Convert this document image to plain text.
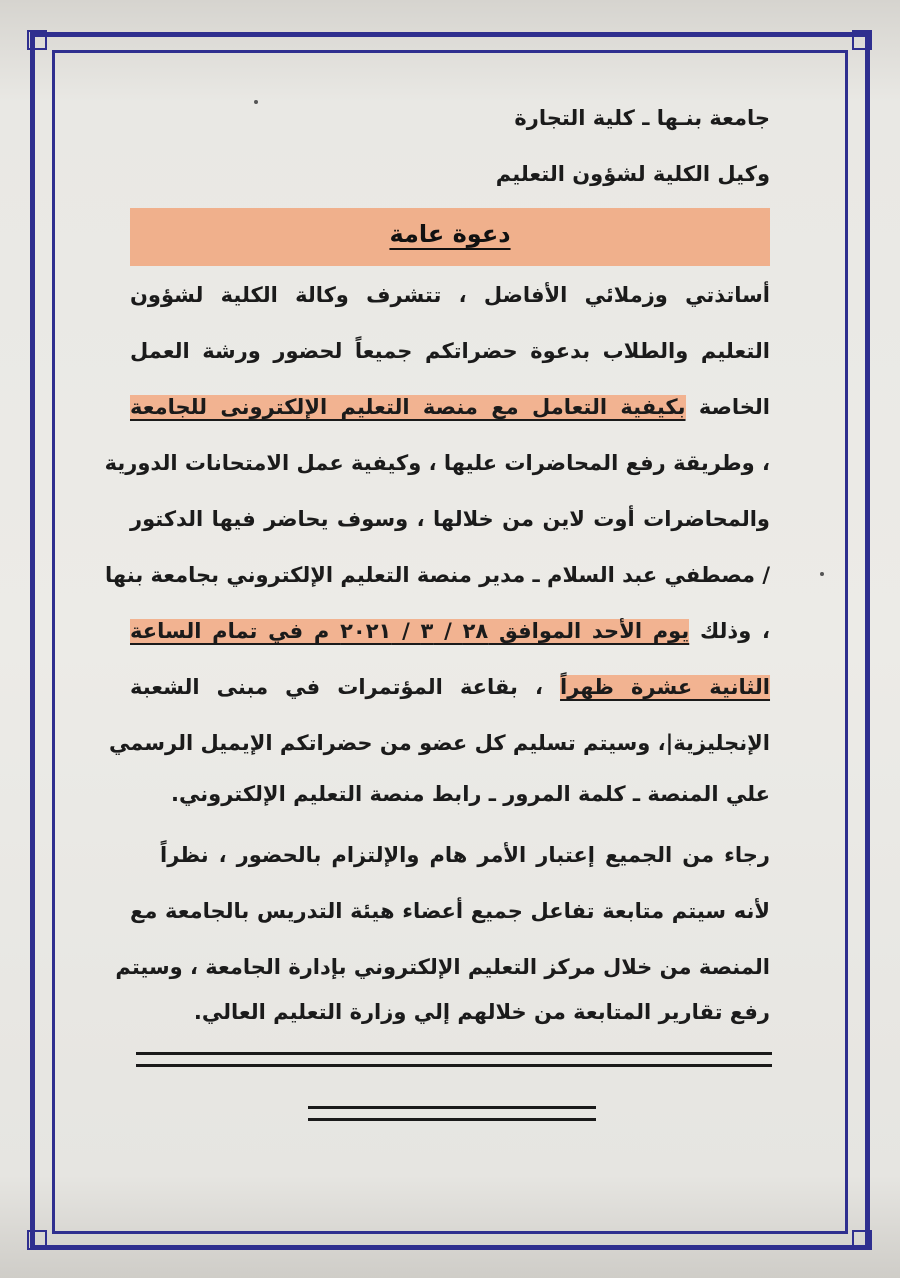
جامعة بنـها ـ كلية التجارة
وكيل الكلية لشؤون التعليم
دعوة عامة
أساتذتي وزملائي الأفاضل ، تتشرف وكالة الكلية لشؤون
التعليم والطلاب بدعوة حضراتكم جميعاً لحضور ورشة العمل
الخاصة بكيفية التعامل مع منصة التعليم الإلكترونى للجامعة
، وطريقة رفع المحاضرات عليها ، وكيفية عمل الامتحانات الدورية
والمحاضرات أوت لاين من خلالها ، وسوف يحاضر فيها الدكتور
/ مصطفي عبد السلام ـ مدير منصة التعليم الإلكتروني بجامعة بنها
، وذلك يوم الأحد الموافق ٢٨ / ٣ / ٢٠٢١ م في تمام الساعة
الثانية عشرة ظهراً ، بقاعة المؤتمرات في مبنى الشعبة
الإنجليزية|، وسيتم تسليم كل عضو من حضراتكم الإيميل الرسمي
علي المنصة ـ كلمة المرور ـ رابط منصة التعليم الإلكتروني.
رجاء من الجميع إعتبار الأمر هام والإلتزام بالحضور ، نظراً
لأنه سيتم متابعة تفاعل جميع أعضاء هيئة التدريس بالجامعة مع
المنصة من خلال مركز التعليم الإلكتروني بإدارة الجامعة ، وسيتم
رفع تقارير المتابعة من خلالهم إلي وزارة التعليم العالي.
